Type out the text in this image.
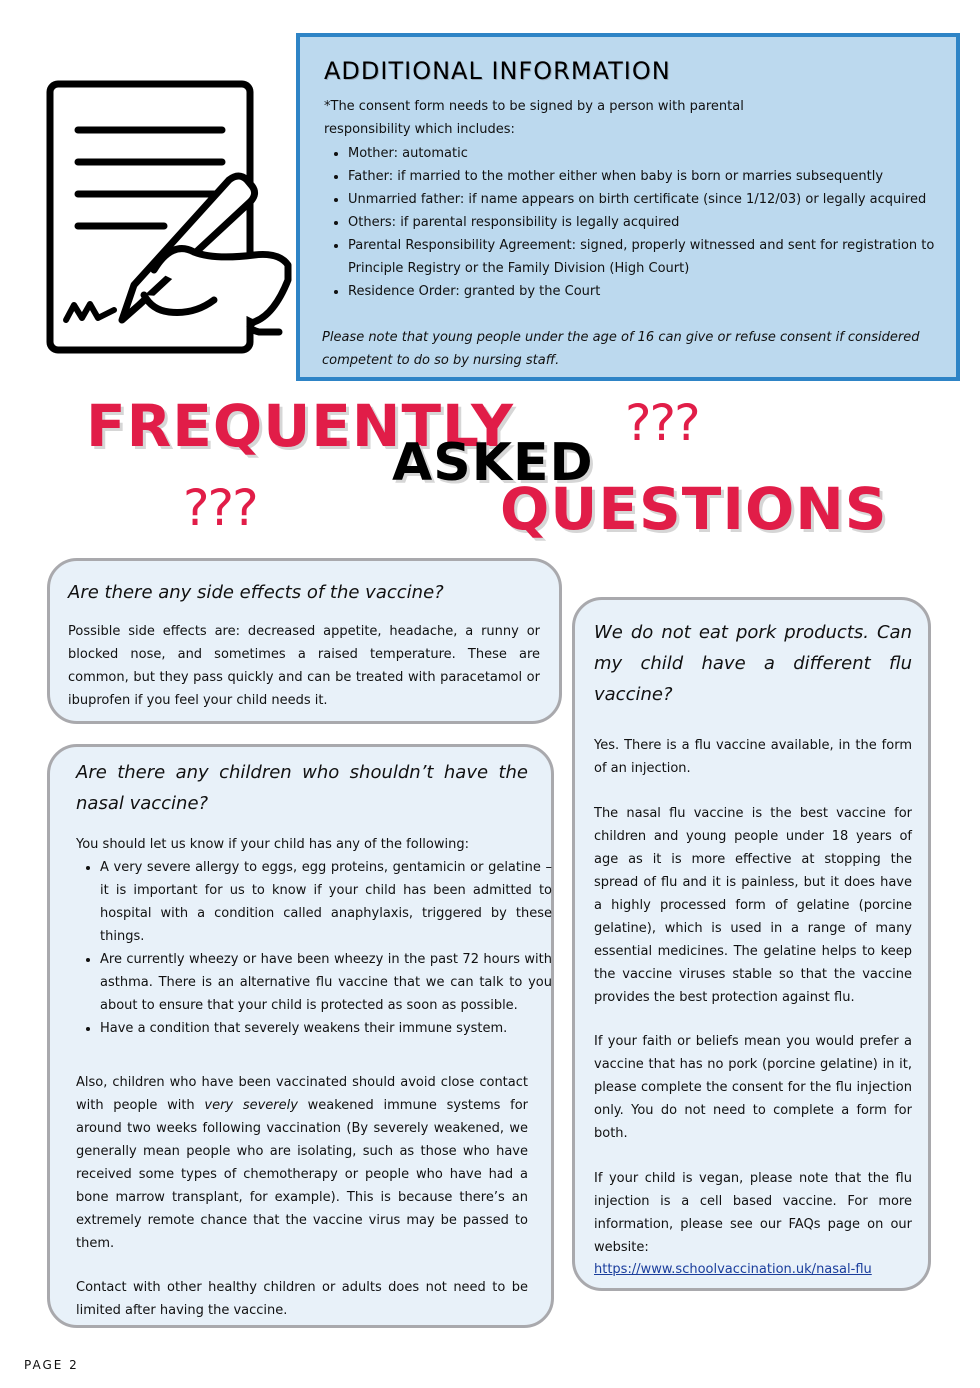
ADDITIONAL INFORMATION
*The consent form needs to be signed by a person with parental responsibility which includes:
• Mother: automatic
• Father: if married to the mother either when baby is born or marries subsequently
• Unmarried father: if name appears on birth certificate (since 1/12/03) or legally acquired
• Others: if parental responsibility is legally acquired
• Parental Responsibility Agreement: signed, properly witnessed and sent for registration to Principle Registry or the Family Division (High Court)
• Residence Order: granted by the Court
Please note that young people under the age of 16 can give or refuse consent if considered competent to do so by nursing staff.
FREQUENTLY
ASKED
QUESTIONS
???
???
Are there any side effects of the vaccine?
Possible side effects are: decreased appetite, headache, a runny or blocked nose, and sometimes a raised temperature. These are common, but they pass quickly and can be treated with paracetamol or ibuprofen if you feel your child needs it.
Are there any children who shouldn’t have the nasal vaccine?
You should let us know if your child has any of the following:
• A very severe allergy to eggs, egg proteins, gentamicin or gelatine – it is important for us to know if your child has been admitted to hospital with a condition called anaphylaxis, triggered by these things.
• Are currently wheezy or have been wheezy in the past 72 hours with asthma. There is an alternative flu vaccine that we can talk to you about to ensure that your child is protected as soon as possible.
• Have a condition that severely weakens their immune system.
Also, children who have been vaccinated should avoid close contact with people with very severely weakened immune systems for around two weeks following vaccination (By severely weakened, we generally mean people who are isolating, such as those who have received some types of chemotherapy or people who have had a bone marrow transplant, for example). This is because there’s an extremely remote chance that the vaccine virus may be passed to them.
Contact with other healthy children or adults does not need to be limited after having the vaccine.
We do not eat pork products. Can my child have a different flu vaccine?
Yes. There is a flu vaccine available, in the form of an injection.
The nasal flu vaccine is the best vaccine for children and young people under 18 years of age as it is more effective at stopping the spread of flu and it is painless, but it does have a highly processed form of gelatine (porcine gelatine), which is used in a range of many essential medicines. The gelatine helps to keep the vaccine viruses stable so that the vaccine provides the best protection against flu.
If your faith or beliefs mean you would prefer a vaccine that has no pork (porcine gelatine) in it, please complete the consent for the flu injection only. You do not need to complete a form for both.
If your child is vegan, please note that the flu injection is a cell based vaccine. For more information, please see our FAQs page on our website:
https://www.schoolvaccination.uk/nasal-flu
PAGE 2
